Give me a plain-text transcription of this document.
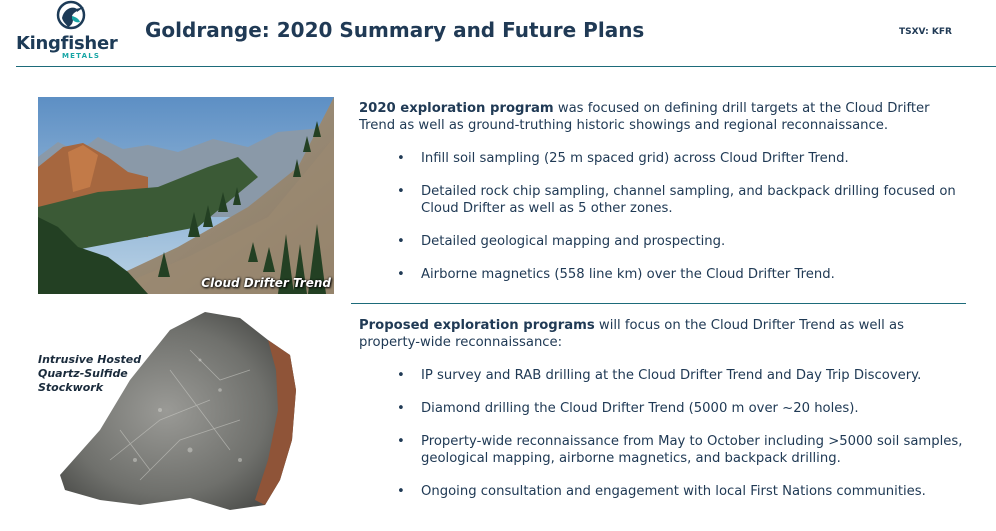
Kingfisher
METALS
Goldrange: 2020 Summary and Future Plans	TSXV: KFR
Cloud Drifter Trend
Intrusive Hosted
Quartz-Sulfide
Stockwork
2020 exploration program was focused on defining drill targets at the Cloud Drifter Trend as well as ground-truthing historic showings and regional reconnaissance.
• Infill soil sampling (25 m spaced grid) across Cloud Drifter Trend.
• Detailed rock chip sampling, channel sampling, and backpack drilling focused on Cloud Drifter as well as 5 other zones.
• Detailed geological mapping and prospecting.
• Airborne magnetics (558 line km) over the Cloud Drifter Trend.
Proposed exploration programs will focus on the Cloud Drifter Trend as well as property-wide reconnaissance:
• IP survey and RAB drilling at the Cloud Drifter Trend and Day Trip Discovery.
• Diamond drilling the Cloud Drifter Trend (5000 m over ~20 holes).
• Property-wide reconnaissance from May to October including >5000 soil samples, geological mapping, airborne magnetics, and backpack drilling.
• Ongoing consultation and engagement with local First Nations communities.
